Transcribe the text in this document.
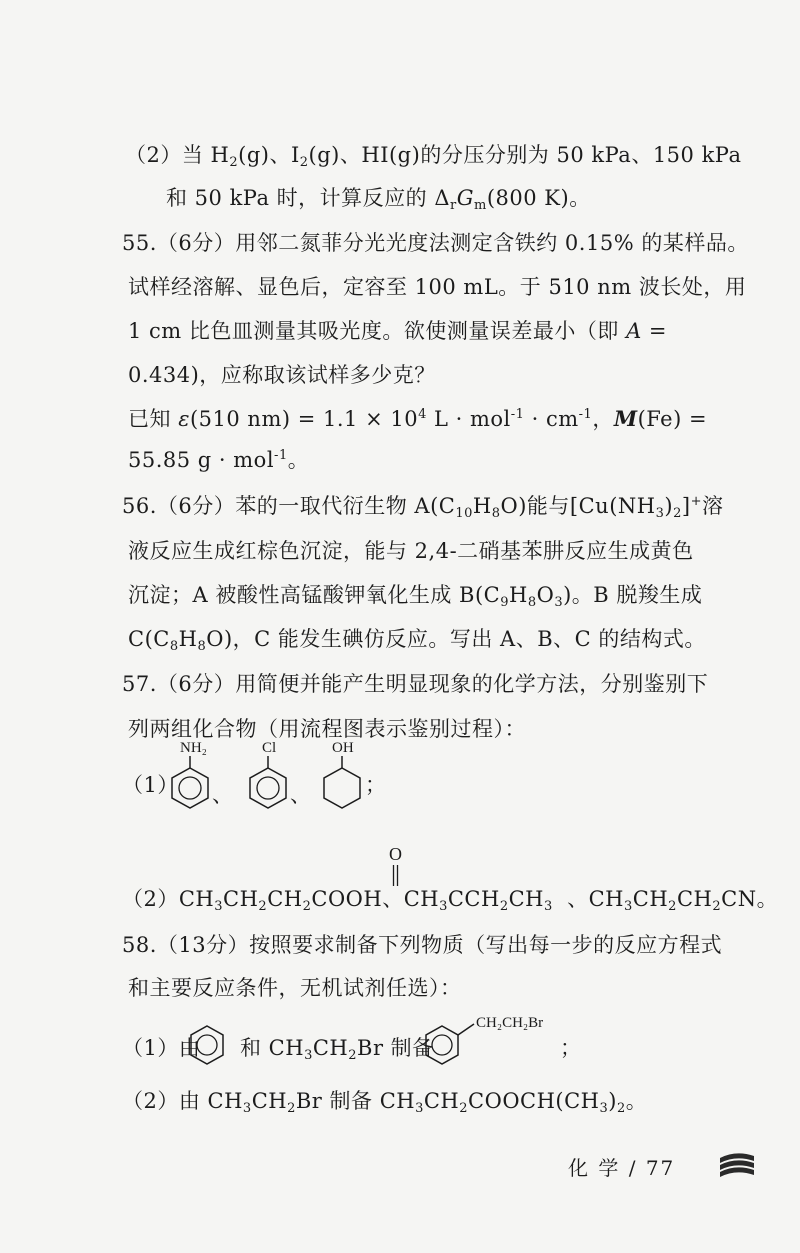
（2）当 $H_2(g)$、$I_2(g)$、HI(g)的分压分别为 50 kPa、150 kPa
和 50 kPa 时，计算反应的 $\Delta_rG_m(800$ K)。
55.（6分）用邻二氮菲分光光度法测定含铁约 0.15% 的某样品。
试样经溶解、显色后，定容至 100 mL。于 510 nm 波长处，用
1 cm 比色皿测量其吸光度。欲使测量误差最小（即 A =
0.434)，应称取该试样多少克？
已知 ε(510 $nm) = 1.1 \times 10^4$ $L \cdot mol^{-1} \cdot cm^{-1}$，M(Fe) =
55.85 g · mol$^{-1}$。
56.（6分）苯的一取代衍生物 $A(C_{10}H_8O)$能与$[Cu(NH_3)_2]^+$溶
液反应生成红棕色沉淀，能与 2,4-二硝基苯肼反应生成黄色
沉淀；A 被酸性高锰酸钾氧化生成 $B(C_9H_8O_3)$。B 脱羧生成
$C(C_8H_8O)$，C 能发生碘仿反应。写出 A、B、C 的结构式。
57.（6分）用简便并能产生明显现象的化学方法，分别鉴别下
列两组化合物（用流程图表示鉴别过程）：
（1）
NH₂
、
Cl
、
OH
；
O
$(2)CH_3CH_2CH_2COOH$、$CH_3CCH_2CH_3$  、$CH_3CH_2CH_2CN$。
58.（13分）按照要求制备下列物质（写出每一步的反应方程式
和主要反应条件，无机试剂任选）：
（1）由 和 $CH_3CH_2Br$ 制备
CH₂CH₂Br
；
（2）由 $CH_3CH_2Br$ 制备 $CH_3CH_2COOCH(CH_3)_2$。
化 学 / 77
